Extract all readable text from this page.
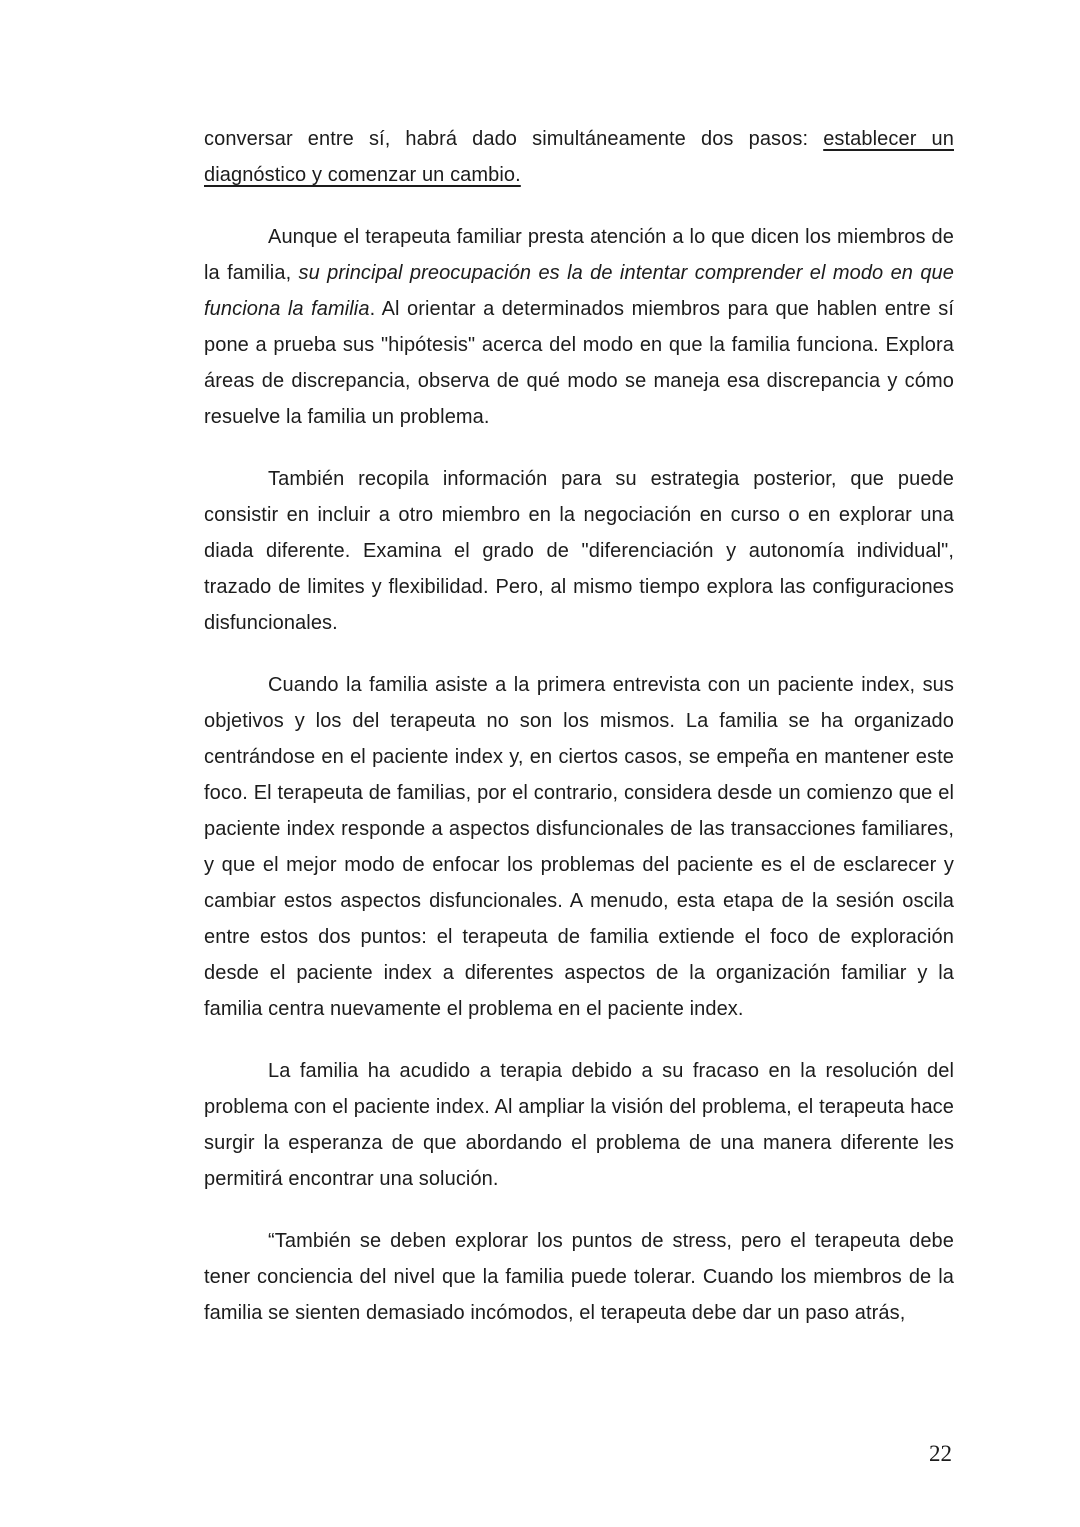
conversar entre sí, habrá dado simultáneamente dos pasos: establecer un diagnóstico y comenzar un cambio.

Aunque el terapeuta familiar presta atención a lo que dicen los miembros de la familia, su principal preocupación es la de intentar comprender el modo en que funciona la familia. Al orientar a determinados miembros para que hablen entre sí pone a prueba sus "hipótesis" acerca del modo en que la familia funciona. Explora áreas de discrepancia, observa de qué modo se maneja esa discrepancia y cómo resuelve la familia un problema.

También recopila información para su estrategia posterior, que puede consistir en incluir a otro miembro en la negociación en curso o en explorar una diada diferente. Examina el grado de "diferenciación y autonomía individual", trazado de limites y flexibilidad. Pero, al mismo tiempo explora las configuraciones disfuncionales.

Cuando la familia asiste a la primera entrevista con un paciente index, sus objetivos y los del terapeuta no son los mismos. La familia se ha organizado centrándose en el paciente index y, en ciertos casos, se empeña en mantener este foco. El terapeuta de familias, por el contrario, considera desde un comienzo que el paciente index responde a aspectos disfuncionales de las transacciones familiares, y que el mejor modo de enfocar los problemas del paciente es el de esclarecer y cambiar estos aspectos disfuncionales. A menudo, esta etapa de la sesión oscila entre estos dos puntos: el terapeuta de familia extiende el foco de exploración desde el paciente index a diferentes aspectos de la organización familiar y la familia centra nuevamente el problema en el paciente index.

La familia ha acudido a terapia debido a su fracaso en la resolución del problema con el paciente index. Al ampliar la visión del problema, el terapeuta hace surgir la esperanza de que abordando el problema de una manera diferente les permitirá encontrar una solución.

“También se deben explorar los puntos de stress, pero el terapeuta debe tener conciencia del nivel que la familia puede tolerar. Cuando los miembros de la familia se sienten demasiado incómodos, el terapeuta debe dar un paso atrás,

22
